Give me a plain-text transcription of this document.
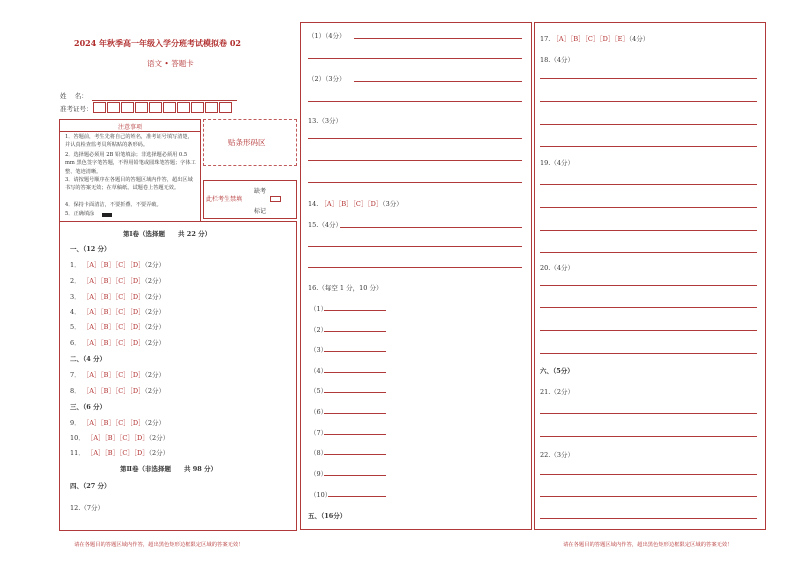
2024 年秋季高一年级入学分班考试模拟卷 02
语文 • 答题卡
姓    名：
准考证号：
注意事项
1．答题前，考生先将自己的姓名，准考证号填写清楚，并认真检查监考员所粘贴的条形码。
2．选择题必须用 2B 铅笔填涂；非选择题必须用 0.5 mm 黑色签字笔答题，不得用铅笔或圆珠笔答题；字体工整、笔迹清晰。
3．请按题号顺序在各题目的答题区域内作答，超出区域书写的答案无效；在草稿纸、试题卷上答题无效。
4．保持卡面清洁，不要折叠、不要弄破。
5．正确填涂
贴条形码区
此栏考生禁填
缺考
标记
第Ⅰ卷（选择题　　共 22 分）
一、（12 分）
1． ［A］［B］［C］［D］（2分）
2． ［A］［B］［C］［D］（2分）
3． ［A］［B］［C］［D］（2分）
4． ［A］［B］［C］［D］（2分）
5． ［A］［B］［C］［D］（2分）
6． ［A］［B］［C］［D］（2分）
二、（4 分）
7． ［A］［B］［C］［D］（2分）
8． ［A］［B］［C］［D］（2分）
三、（6 分）
9． ［A］［B］［C］［D］（2分）
10． ［A］［B］［C］［D］（2分）
11． ［A］［B］［C］［D］（2分）
第Ⅱ卷（非选择题　　共 98 分）
四、（27 分）
12.（7分）
请在各题目的答题区域内作答，超出黑色矩形边框限定区域的答案无效！
（1）（4分）
（2）（3分）
13.（3分）
14. ［A］［B］［C］［D］（3分）
15.（4分）
16.（每空 1 分，10 分）
（1）
（2）
（3）
（4）
（5）
（6）
（7）
（8）
（9）
（10）
五、（16分）
17. ［A］［B］［C］［D］［E］（4分）
18.（4分）
19.（4分）
20.（4分）
六、（5分）
21.（2分）
22.（3分）
请在各题目的答题区域内作答，超出黑色矩形边框限定区域的答案无效！
